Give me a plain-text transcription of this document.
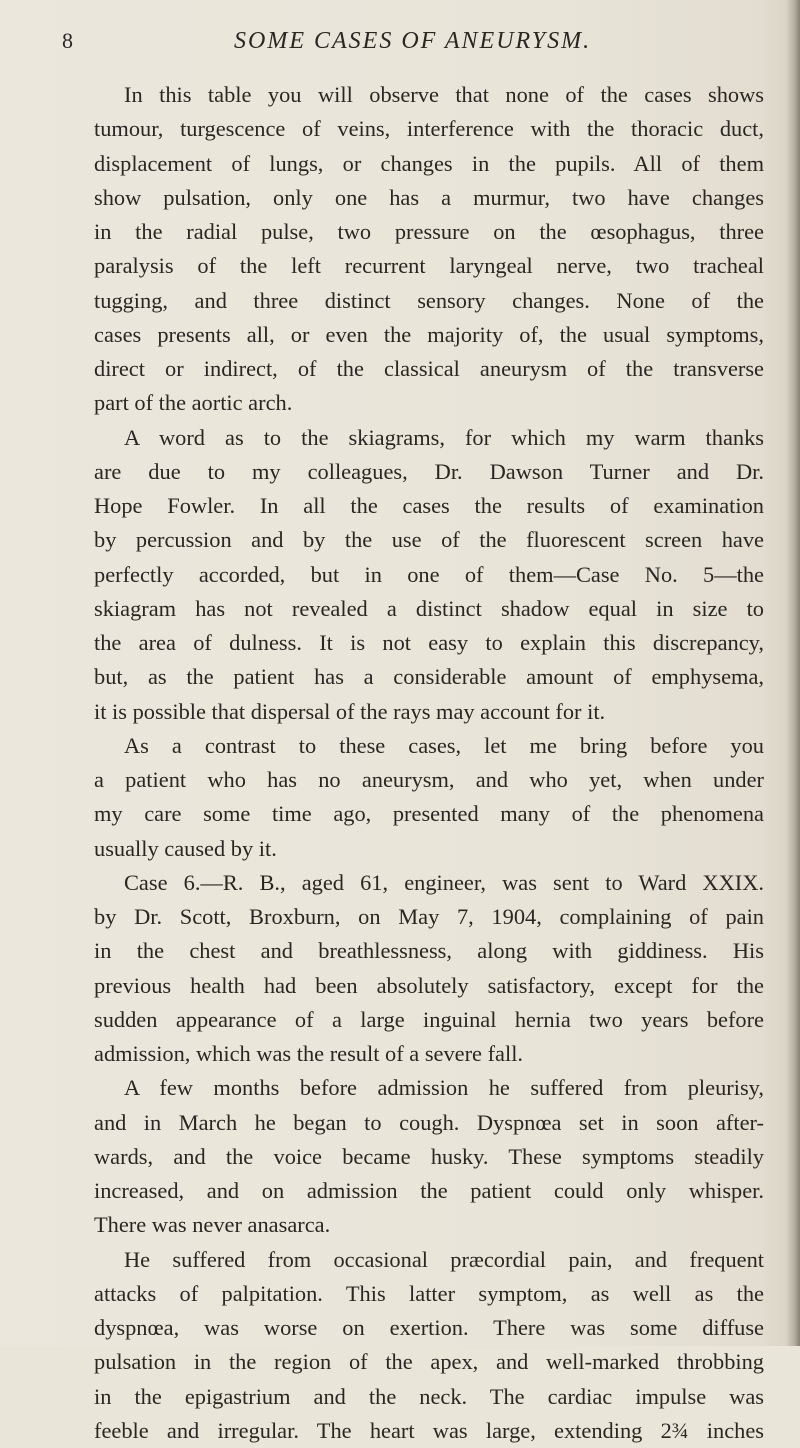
8	SOME CASES OF ANEURYSM.
In this table you will observe that none of the cases shows
tumour, turgescence of veins, interference with the thoracic duct,
displacement of lungs, or changes in the pupils. All of them
show pulsation, only one has a murmur, two have changes
in the radial pulse, two pressure on the œsophagus, three
paralysis of the left recurrent laryngeal nerve, two tracheal
tugging, and three distinct sensory changes. None of the
cases presents all, or even the majority of, the usual symptoms,
direct or indirect, of the classical aneurysm of the transverse
part of the aortic arch.
A word as to the skiagrams, for which my warm thanks
are due to my colleagues, Dr. Dawson Turner and Dr.
Hope Fowler. In all the cases the results of examination
by percussion and by the use of the fluorescent screen have
perfectly accorded, but in one of them—Case No. 5—the
skiagram has not revealed a distinct shadow equal in size to
the area of dulness. It is not easy to explain this discrepancy,
but, as the patient has a considerable amount of emphysema,
it is possible that dispersal of the rays may account for it.
As a contrast to these cases, let me bring before you
a patient who has no aneurysm, and who yet, when under
my care some time ago, presented many of the phenomena
usually caused by it.
Case 6.—R. B., aged 61, engineer, was sent to Ward XXIX.
by Dr. Scott, Broxburn, on May 7, 1904, complaining of pain
in the chest and breathlessness, along with giddiness. His
previous health had been absolutely satisfactory, except for the
sudden appearance of a large inguinal hernia two years before
admission, which was the result of a severe fall.
A few months before admission he suffered from pleurisy,
and in March he began to cough. Dyspnœa set in soon after-
wards, and the voice became husky. These symptoms steadily
increased, and on admission the patient could only whisper.
There was never anasarca.
He suffered from occasional præcordial pain, and frequent
attacks of palpitation. This latter symptom, as well as the
dyspnœa, was worse on exertion. There was some diffuse
pulsation in the region of the apex, and well-marked throbbing
in the epigastrium and the neck. The cardiac impulse was
feeble and irregular. The heart was large, extending 2¾ inches
